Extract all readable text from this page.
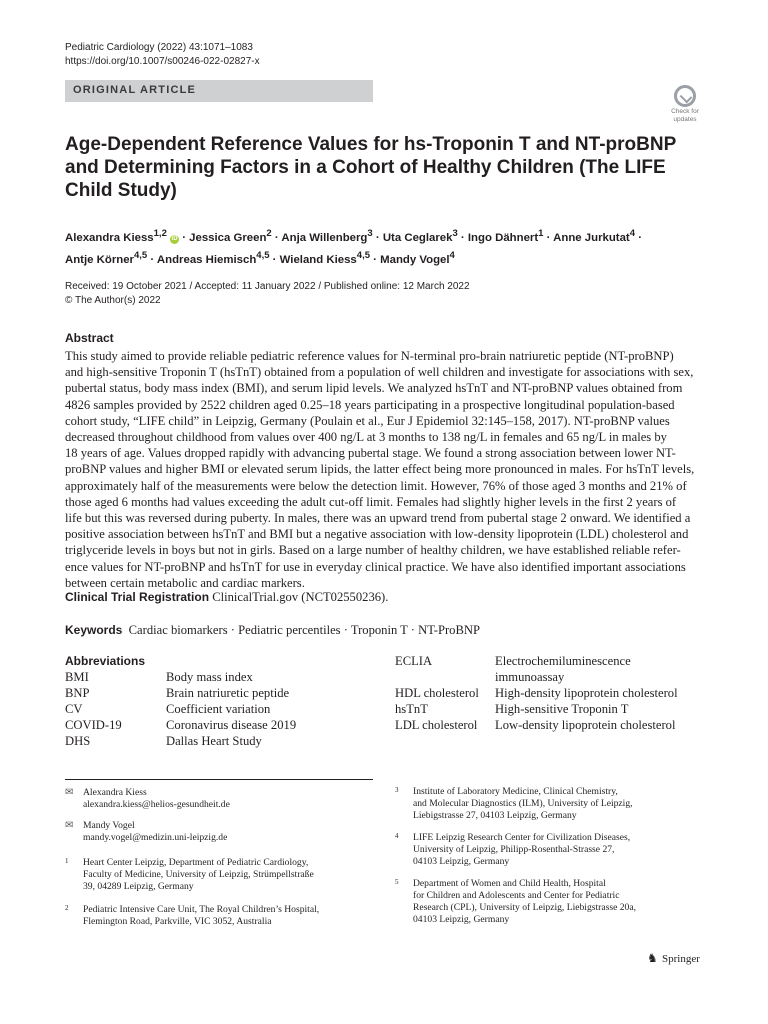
Pediatric Cardiology (2022) 43:1071–1083
https://doi.org/10.1007/s00246-022-02827-x
ORIGINAL ARTICLE
Check for
updates
Age-Dependent Reference Values for hs-Troponin T and NT-proBNP
and Determining Factors in a Cohort of Healthy Children (The LIFE
Child Study)
Alexandra Kiess$^{1,2}$ iD · Jessica Green$^2$ · Anja Willenberg$^3$ · Uta Ceglarek$^3$ · Ingo Dähnert$^1$ · Anne Jurkutat$^4$ ·
Antje Körner$^{4,5}$ · Andreas Hiemisch$^{4,5}$ · Wieland Kiess$^{4,5}$ · Mandy Vogel$^4$
Received: 19 October 2021 / Accepted: 11 January 2022 / Published online: 12 March 2022
© The Author(s) 2022
Abstract
This study aimed to provide reliable pediatric reference values for N-terminal pro-brain natriuretic peptide (NT-proBNP)
and high-sensitive Troponin T (hsTnT) obtained from a population of well children and investigate for associations with sex,
pubertal status, body mass index (BMI), and serum lipid levels. We analyzed hsTnT and NT-proBNP values obtained from
4826 samples provided by 2522 children aged 0.25–18 years participating in a prospective longitudinal population-based
cohort study, “LIFE child” in Leipzig, Germany (Poulain et al., Eur J Epidemiol 32:145–158, 2017). NT-proBNP values
decreased throughout childhood from values over 400 ng/L at 3 months to 138 ng/L in females and 65 ng/L in males by
18 years of age. Values dropped rapidly with advancing pubertal stage. We found a strong association between lower NT-
proBNP values and higher BMI or elevated serum lipids, the latter effect being more pronounced in males. For hsTnT levels,
approximately half of the measurements were below the detection limit. However, 76% of those aged 3 months and 21% of
those aged 6 months had values exceeding the adult cut-off limit. Females had slightly higher levels in the first 2 years of
life but this was reversed during puberty. In males, there was an upward trend from pubertal stage 2 onward. We identified a
positive association between hsTnT and BMI but a negative association with low-density lipoprotein (LDL) cholesterol and
triglyceride levels in boys but not in girls. Based on a large number of healthy children, we have established reliable refer-
ence values for NT-proBNP and hsTnT for use in everyday clinical practice. We have also identified important associations
between certain metabolic and cardiac markers.
Clinical Trial Registration ClinicalTrial.gov (NCT02550236).
Keywords Cardiac biomarkers · Pediatric percentiles · Troponin T · NT-ProBNP
Abbreviations
BMI	Body mass index
BNP	Brain natriuretic peptide
CV	Coefficient variation
COVID-19	Coronavirus disease 2019
DHS	Dallas Heart Study
ECLIA	Electrochemiluminescence
immunoassay
HDL cholesterol High-density lipoprotein cholesterol
hsTnT	High-sensitive Troponin T
LDL cholesterol Low-density lipoprotein cholesterol
✉ Alexandra Kiess
alexandra.kiess@helios-gesundheit.de
✉ Mandy Vogel
mandy.vogel@medizin.uni-leipzig.de
1 Heart Center Leipzig, Department of Pediatric Cardiology,
Faculty of Medicine, University of Leipzig, Strümpellstraße
39, 04289 Leipzig, Germany
2 Pediatric Intensive Care Unit, The Royal Children’s Hospital,
Flemington Road, Parkville, VIC 3052, Australia
3 Institute of Laboratory Medicine, Clinical Chemistry,
and Molecular Diagnostics (ILM), University of Leipzig,
Liebigstrasse 27, 04103 Leipzig, Germany
4 LIFE Leipzig Research Center for Civilization Diseases,
University of Leipzig, Philipp-Rosenthal-Strasse 27,
04103 Leipzig, Germany
5 Department of Women and Child Health, Hospital
for Children and Adolescents and Center for Pediatric
Research (CPL), University of Leipzig, Liebigstrasse 20a,
04103 Leipzig, Germany
♞ Springer
